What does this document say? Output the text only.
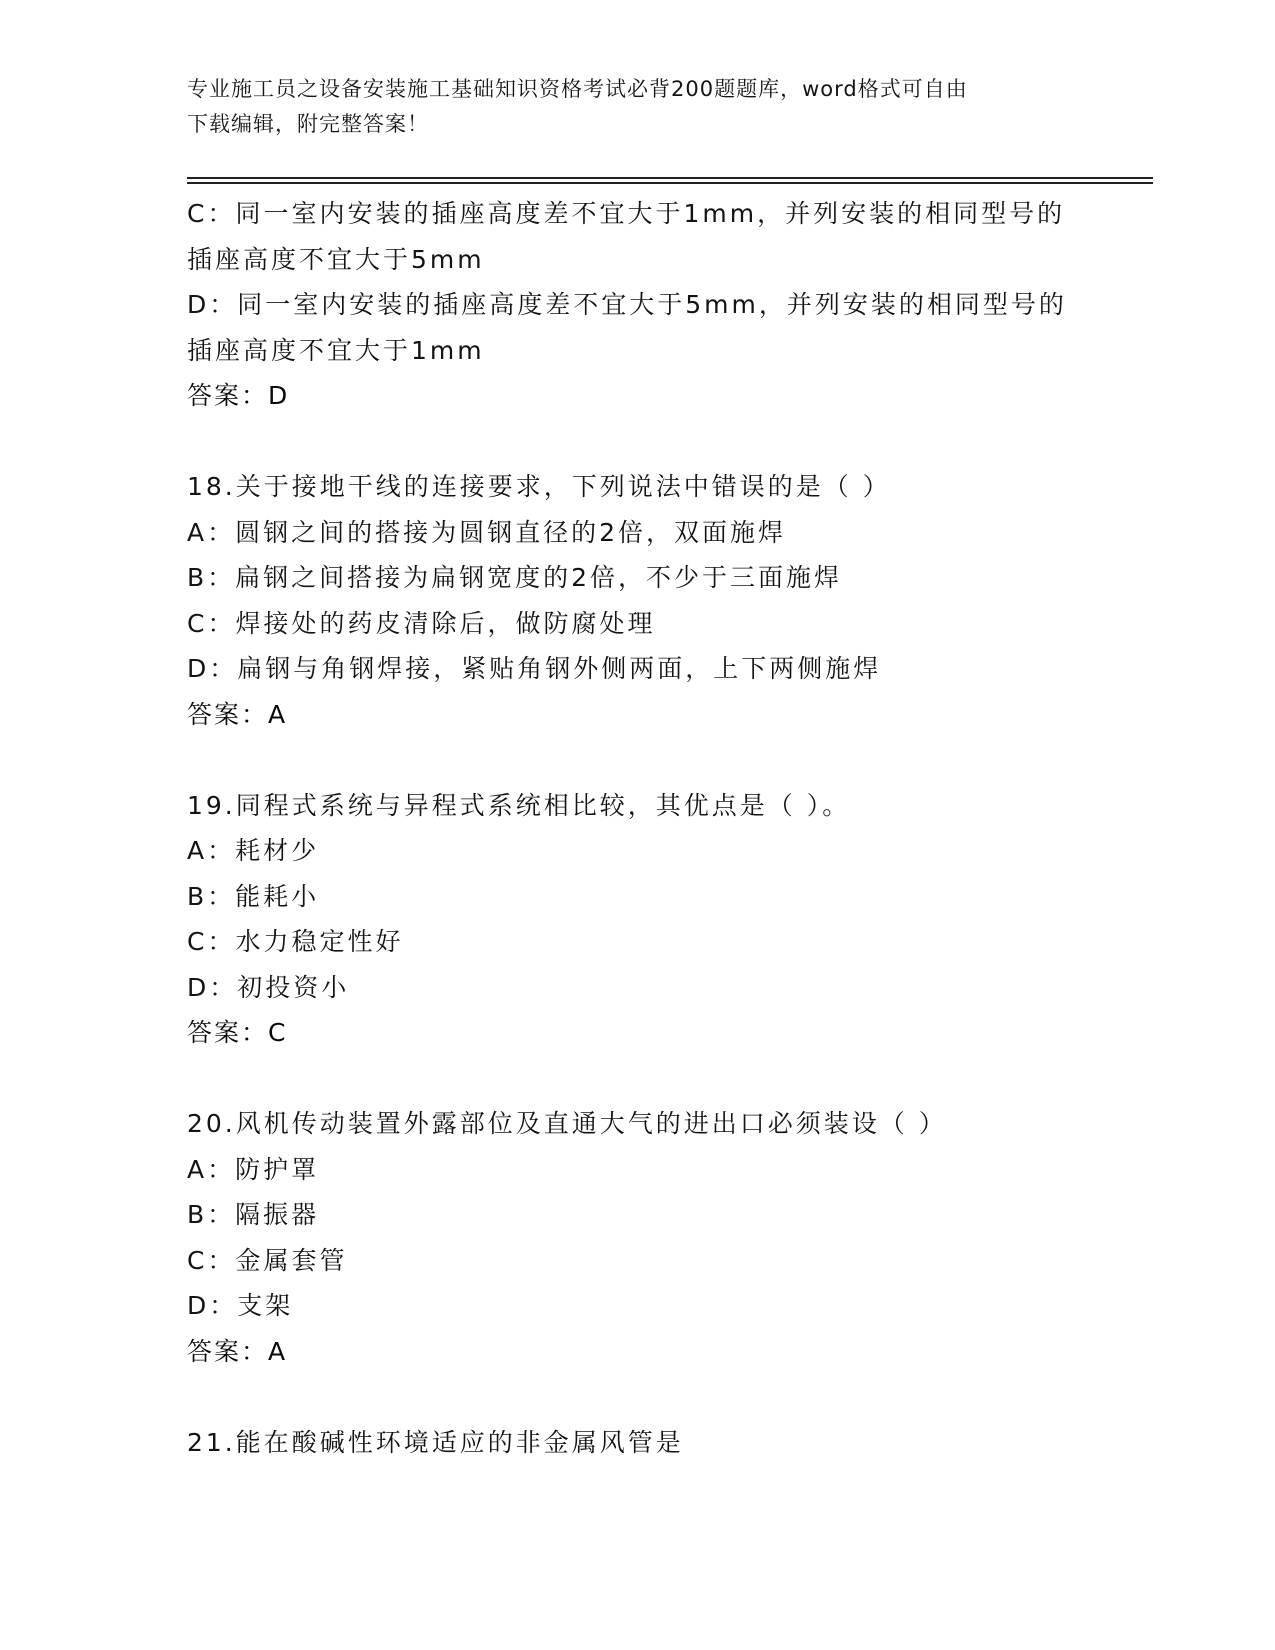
专业施工员之设备安装施工基础知识资格考试必背200题题库，word格式可自由
下载编辑，附完整答案！
C：同一室内安装的插座高度差不宜大于1mm，并列安装的相同型号的
插座高度不宜大于5mm
D：同一室内安装的插座高度差不宜大于5mm，并列安装的相同型号的
插座高度不宜大于1mm
答案：D
18.关于接地干线的连接要求，下列说法中错误的是（ ）
A：圆钢之间的搭接为圆钢直径的2倍，双面施焊
B：扁钢之间搭接为扁钢宽度的2倍，不少于三面施焊
C：焊接处的药皮清除后，做防腐处理
D：扁钢与角钢焊接，紧贴角钢外侧两面，上下两侧施焊
答案：A
19.同程式系统与异程式系统相比较，其优点是（ ）。
A：耗材少
B：能耗小
C：水力稳定性好
D：初投资小
答案：C
20.风机传动装置外露部位及直通大气的进出口必须装设（ ）
A：防护罩
B：隔振器
C：金属套管
D：支架
答案：A
21.能在酸碱性环境适应的非金属风管是
